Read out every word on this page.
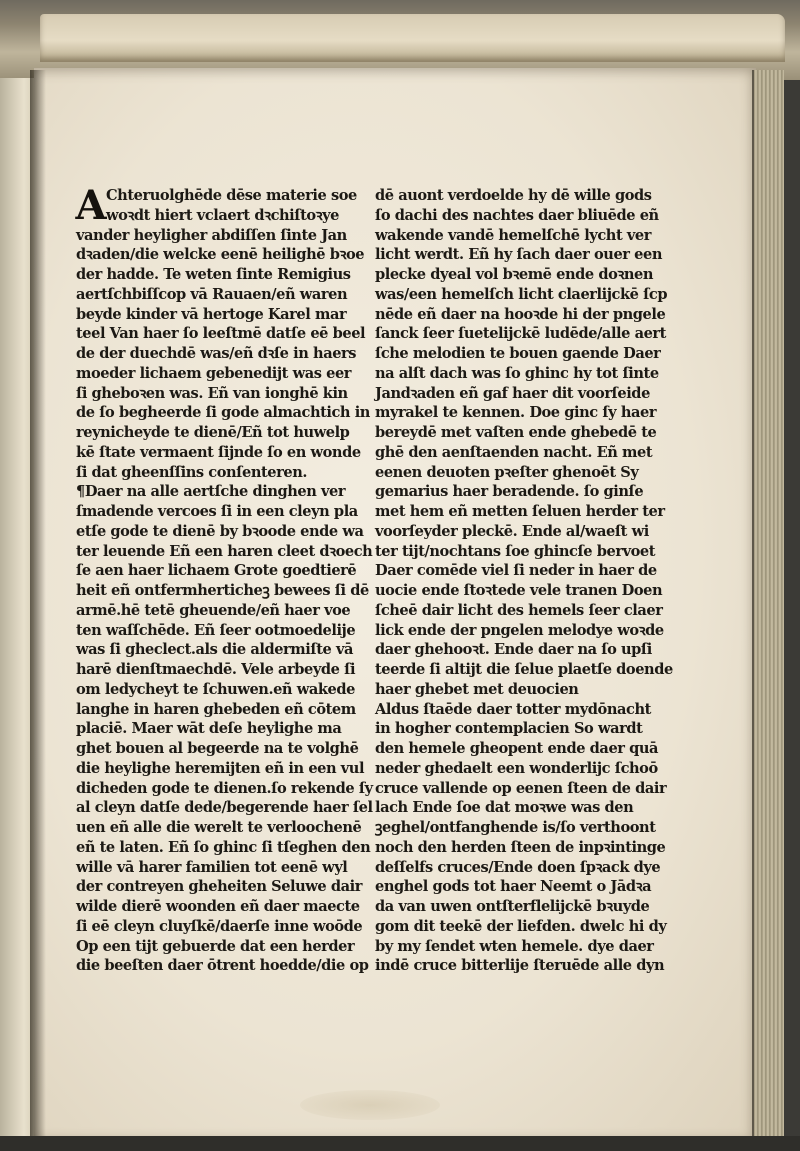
A Chteruolghēde dēse materie soe
woꝛdt hiert vclaert dꝛchiſtoꝛye
vander heyligher abdiſſen ſinte Jan
dꝛaden/die welcke eenē heilighē bꝛoe
der hadde. Te weten ſinte Remigius
aertſchbiſſcop vā Rauaen/eñ waren
beyde kinder vā hertoge Karel mar
teel Van haer ſo leeſtmē datſe eē beel
de der duechdē was/eñ dꝛſe in haers
moeder lichaem gebenedijt was eer
ſi gheboꝛen was. Eñ van ionghē kin
de ſo begheerde ſi gode almachtich in
reynicheyde te dienē/Eñ tot huwelp
kē ſtate vermaent ſijnde ſo en wonde
ſi dat gheenſſins conſenteren.
¶Daer na alle aertſche dinghen ver
ſmadende vercoes ſi in een cleyn pla
etſe gode te dienē by bꝛoode ende wa
ter leuende Eñ een haren cleet dꝛoech
ſe aen haer lichaem Grote goedtierē
heit eñ ontfermherticheꝫ bewees ſi dē
armē.hē tetē gheuende/eñ haer voe
ten waſſchēde. Eñ ſeer ootmoedelije
was ſi gheclect.als die aldermiſte vā
harē dienſtmaechdē. Vele arbeyde ſi
om ledycheyt te ſchuwen.eñ wakede
langhe in haren ghebeden eñ cōtem
placiē. Maer wāt deſe heylighe ma
ghet bouen al begeerde na te volghē
die heylighe heremijten eñ in een vul
dicheden gode te dienen.ſo rekende ſy
al cleyn datſe dede/begerende haer ſel
uen eñ alle die werelt te verloochenē
eñ te laten. Eñ ſo ghinc ſi tſeghen den
wille vā harer familien tot eenē wyl
der contreyen gheheiten Seluwe dair
wilde dierē woonden eñ daer maecte
ſi eē cleyn cluyſkē/daerſe inne woōde
Op een tijt gebuerde dat een herder
die beeſten daer ōtrent hoedde/die op
dē auont verdoelde hy dē wille gods
ſo dachi des nachtes daer bliuēde eñ
wakende vandē hemelſchē lycht ver
licht werdt. Eñ hy ſach daer ouer een
plecke dyeal vol bꝛemē ende doꝛnen
was/een hemelſch licht claerlijckē ſcp
nēde eñ daer na hooꝛde hi der pngele
ſanck ſeer ſuetelijckē ludēde/alle aert
ſche melodien te bouen gaende Daer
na alſt dach was ſo ghinc hy tot ſinte
Jandꝛaden eñ gaf haer dit voorſeide
myrakel te kennen. Doe ginc ſy haer
bereydē met vaſten ende ghebedē te
ghē den aenſtaenden nacht. Eñ met
eenen deuoten pꝛeſter ghenoēt Sy
gemarius haer beradende. ſo ginſe
met hem eñ metten ſeluen herder ter
voorſeyder pleckē. Ende al/waeſt wi
ter tijt/nochtans ſoe ghincſe bervoet
Daer comēde viel ſi neder in haer de
uocie ende ſtoꝛtede vele tranen Doen
ſcheē dair licht des hemels ſeer claer
lick ende der pngelen melodye woꝛde
daer ghehooꝛt. Ende daer na ſo upſi
teerde ſi altijt die ſelue plaetſe doende
haer ghebet met deuocien
Aldus ſtaēde daer totter mydōnacht
in hogher contemplacien So wardt
den hemele gheopent ende daer quā
neder ghedaelt een wonderlijc ſchoō
cruce vallende op eenen ſteen de dair
lach Ende ſoe dat moꝛwe was den
ꝫeghel/ontfanghende is/ſo verthoont
noch den herden ſteen de inpꝛintinge
deſſelfs cruces/Ende doen ſpꝛack dye
enghel gods tot haer Neemt o Jādꝛa
da van uwen ontſterflelijckē bꝛuyde
gom dit teekē der liefden. dwelc hi dy
by my ſendet wten hemele. dye daer
indē cruce bitterlije ſteruēde alle dyn
